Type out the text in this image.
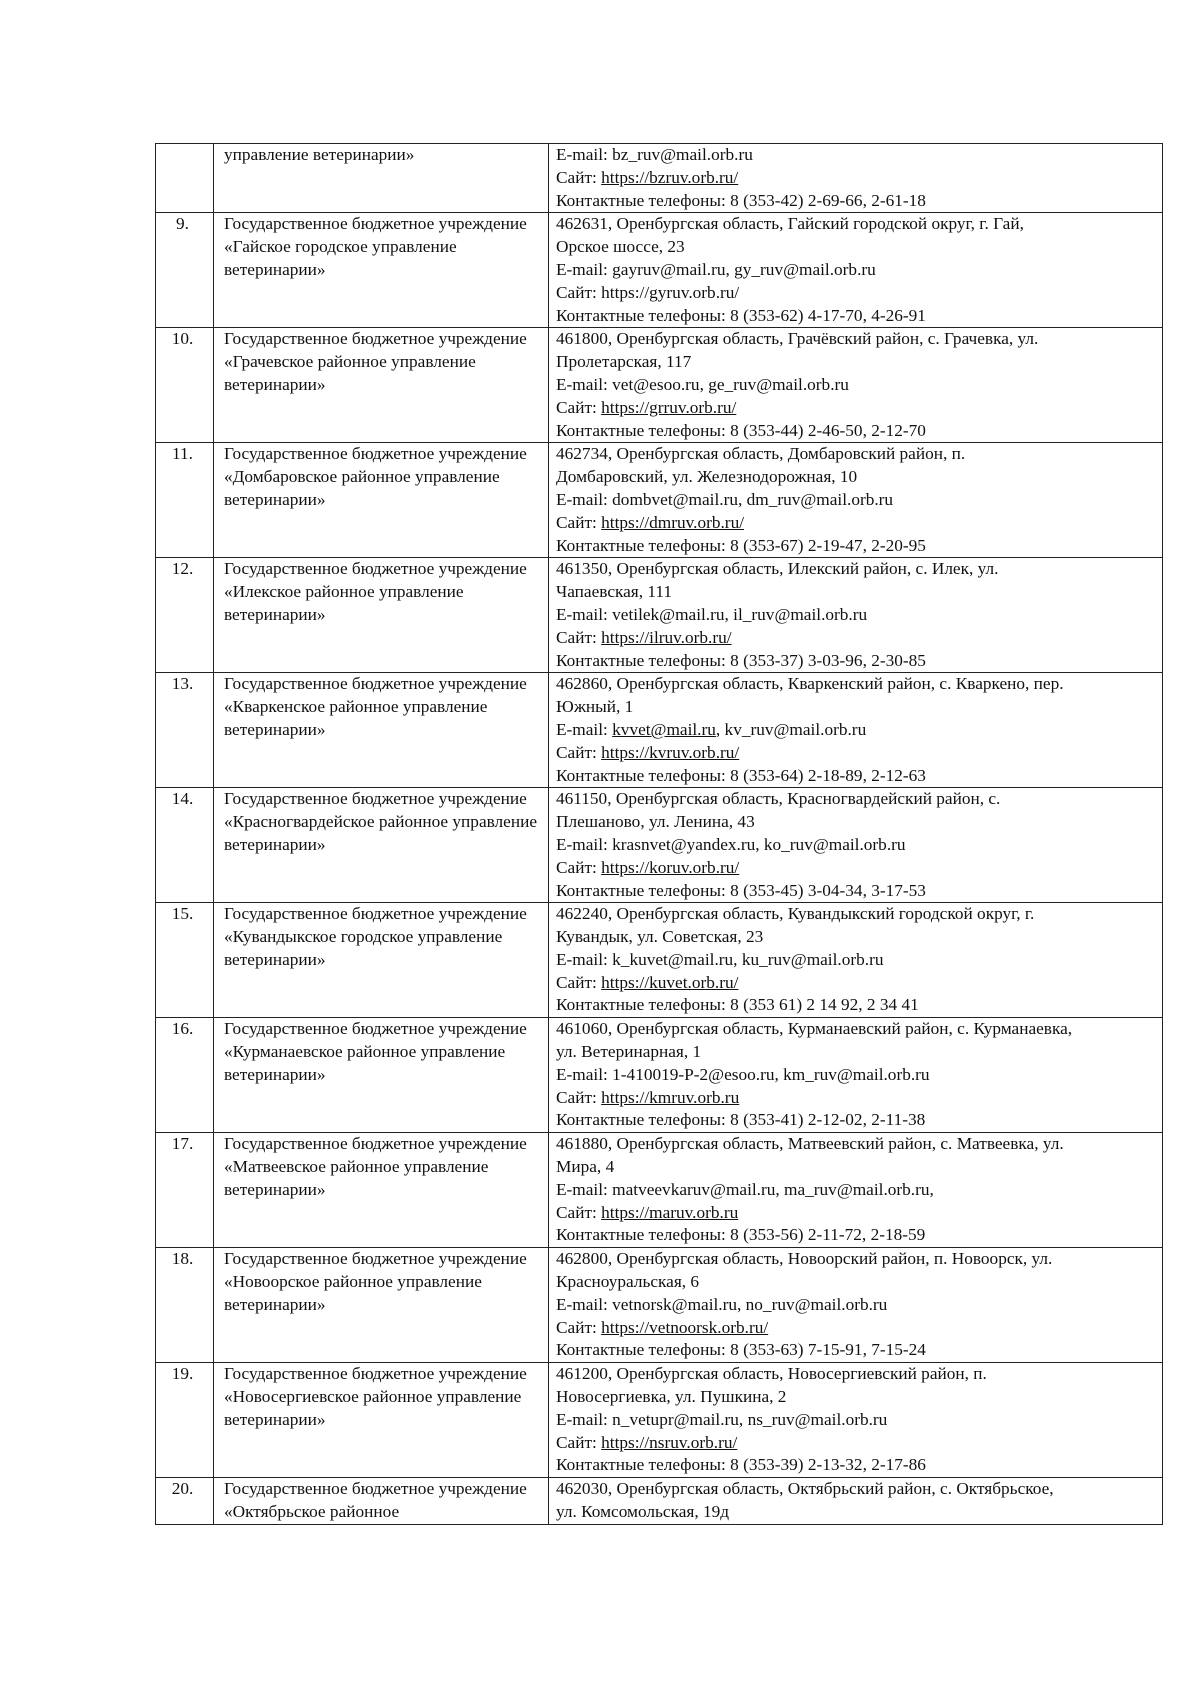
	управление ветеринарии»	E-mail: bz_ruv@mail.orb.ru
Сайт: https://bzruv.orb.ru/
Контактные телефоны: 8 (353-42) 2-69-66, 2-61-18

9.	Государственное бюджетное учреждение «Гайское городское управление ветеринарии»	462631, Оренбургская область, Гайский городской округ, г. Гай,
Орское шоссе, 23
E-mail: gayruv@mail.ru, gy_ruv@mail.orb.ru
Сайт: https://gyruv.orb.ru/
Контактные телефоны: 8 (353-62) 4-17-70, 4-26-91

10.	Государственное бюджетное учреждение «Грачевское районное управление ветеринарии»	461800, Оренбургская область, Грачёвский район, с. Грачевка, ул.
Пролетарская, 117
E-mail: vet@esoo.ru, ge_ruv@mail.orb.ru
Сайт: https://grruv.orb.ru/
Контактные телефоны: 8 (353-44) 2-46-50, 2-12-70

11.	Государственное бюджетное учреждение «Домбаровское районное управление ветеринарии»	462734, Оренбургская область, Домбаровский район, п.
Домбаровский, ул. Железнодорожная, 10
E-mail: dombvet@mail.ru, dm_ruv@mail.orb.ru
Сайт: https://dmruv.orb.ru/
Контактные телефоны: 8 (353-67) 2-19-47, 2-20-95

12.	Государственное бюджетное учреждение «Илекское районное управление ветеринарии»	461350, Оренбургская область, Илекский район, с. Илек, ул.
Чапаевская, 111
E-mail: vetilek@mail.ru, il_ruv@mail.orb.ru
Сайт: https://ilruv.orb.ru/
Контактные телефоны: 8 (353-37) 3-03-96, 2-30-85

13.	Государственное бюджетное учреждение «Кваркенское районное управление ветеринарии»	462860, Оренбургская область, Кваркенский район, с. Кваркено, пер.
Южный, 1
E-mail: kvvet@mail.ru, kv_ruv@mail.orb.ru
Сайт: https://kvruv.orb.ru/
Контактные телефоны: 8 (353-64) 2-18-89, 2-12-63

14.	Государственное бюджетное учреждение «Красногвардейское районное управление ветеринарии»	461150, Оренбургская область, Красногвардейский район, с.
Плешаново, ул. Ленина, 43
E-mail: krasnvet@yandex.ru, ko_ruv@mail.orb.ru
Сайт: https://koruv.orb.ru/
Контактные телефоны: 8 (353-45) 3-04-34, 3-17-53

15.	Государственное бюджетное учреждение «Кувандыкское городское управление ветеринарии»	462240, Оренбургская область, Кувандыкский городской округ, г.
Кувандык, ул. Советская, 23
E-mail: k_kuvet@mail.ru, ku_ruv@mail.orb.ru
Сайт: https://kuvet.orb.ru/
Контактные телефоны: 8 (353 61) 2 14 92, 2 34 41

16.	Государственное бюджетное учреждение «Курманаевское районное управление ветеринарии»	461060, Оренбургская область, Курманаевский район, с. Курманаевка,
ул. Ветеринарная, 1
E-mail: 1-410019-P-2@esoo.ru, km_ruv@mail.orb.ru
Сайт: https://kmruv.orb.ru
Контактные телефоны: 8 (353-41) 2-12-02, 2-11-38

17.	Государственное бюджетное учреждение «Матвеевское районное управление ветеринарии»	461880, Оренбургская область, Матвеевский район, с. Матвеевка, ул.
Мира, 4
E-mail: matveevkaruv@mail.ru, ma_ruv@mail.orb.ru,
Сайт: https://maruv.orb.ru
Контактные телефоны: 8 (353-56) 2-11-72, 2-18-59

18.	Государственное бюджетное учреждение «Новоорское районное управление ветеринарии»	462800, Оренбургская область, Новоорский район, п. Новоорск, ул.
Красноуральская, 6
E-mail: vetnorsk@mail.ru, no_ruv@mail.orb.ru
Сайт: https://vetnoorsk.orb.ru/
Контактные телефоны: 8 (353-63) 7-15-91, 7-15-24

19.	Государственное бюджетное учреждение «Новосергиевское районное управление ветеринарии»	461200, Оренбургская область, Новосергиевский район, п.
Новосергиевка, ул. Пушкина, 2
E-mail: n_vetupr@mail.ru, ns_ruv@mail.orb.ru
Сайт: https://nsruv.orb.ru/
Контактные телефоны: 8 (353-39) 2-13-32, 2-17-86

20.	Государственное бюджетное учреждение «Октябрьское районное	462030, Оренбургская область, Октябрьский район, с. Октябрьское,
ул. Комсомольская, 19д
